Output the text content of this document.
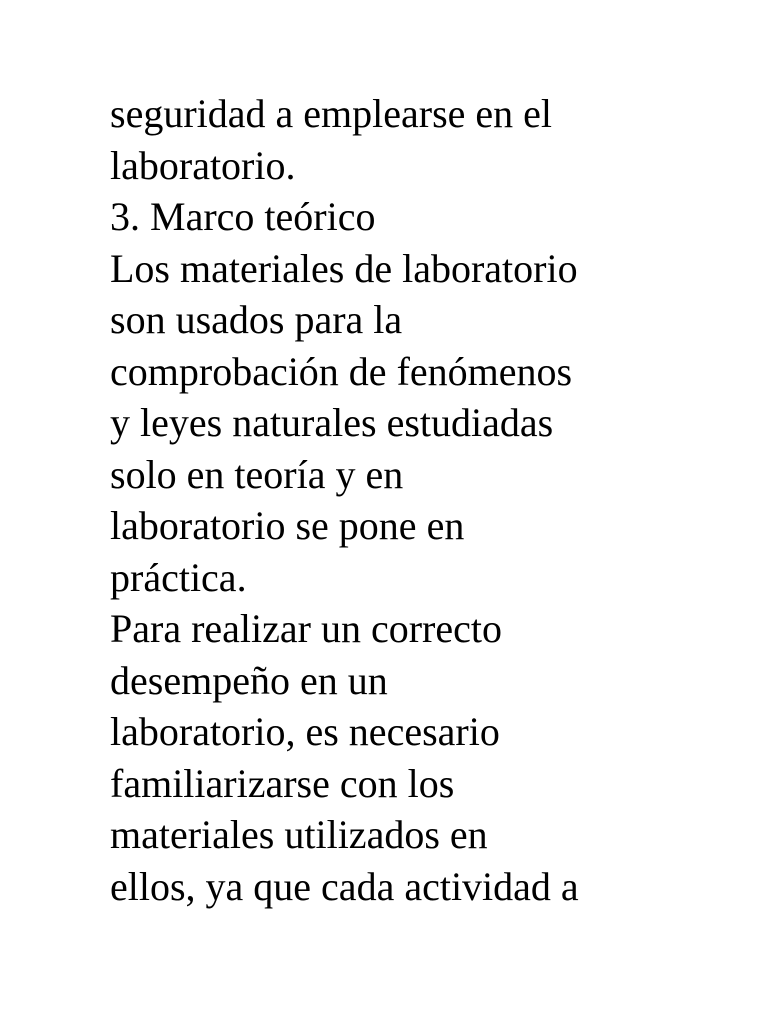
seguridad a emplearse en el
laboratorio.
3. Marco teórico
Los materiales de laboratorio
son usados para la
comprobación de fenómenos
y leyes naturales estudiadas
solo en teoría y en
laboratorio se pone en
práctica.
Para realizar un correcto
desempeño en un
laboratorio, es necesario
familiarizarse con los
materiales utilizados en
ellos, ya que cada actividad a
